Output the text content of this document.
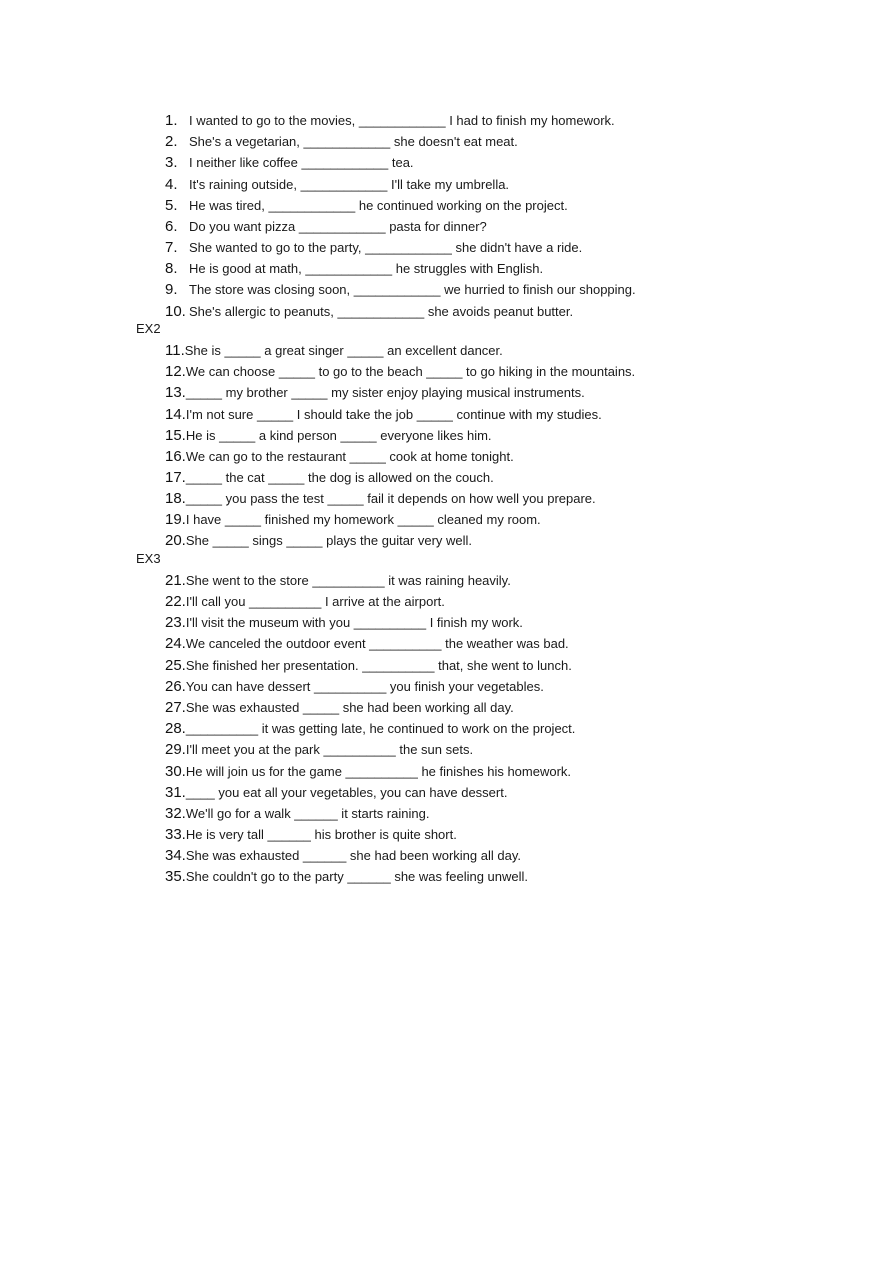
1. I wanted to go to the movies, ____________ I had to finish my homework.
2. She's a vegetarian, ____________ she doesn't eat meat.
3. I neither like coffee ____________ tea.
4. It's raining outside, ____________ I'll take my umbrella.
5. He was tired, ____________ he continued working on the project.
6. Do you want pizza ____________ pasta for dinner?
7. She wanted to go to the party, ____________ she didn't have a ride.
8. He is good at math, ____________ he struggles with English.
9. The store was closing soon, ____________ we hurried to finish our shopping.
10. She's allergic to peanuts, ____________ she avoids peanut butter.
EX2
11. She is _____ a great singer _____ an excellent dancer.
12. We can choose _____ to go to the beach _____ to go hiking in the mountains.
13. _____ my brother _____ my sister enjoy playing musical instruments.
14. I'm not sure _____ I should take the job _____ continue with my studies.
15. He is _____ a kind person _____ everyone likes him.
16. We can go to the restaurant _____ cook at home tonight.
17. _____ the cat _____ the dog is allowed on the couch.
18. _____ you pass the test _____ fail it depends on how well you prepare.
19. I have _____ finished my homework _____ cleaned my room.
20. She _____ sings _____ plays the guitar very well.
EX3
21. She went to the store __________ it was raining heavily.
22. I'll call you __________ I arrive at the airport.
23. I'll visit the museum with you __________ I finish my work.
24. We canceled the outdoor event __________ the weather was bad.
25. She finished her presentation. __________ that, she went to lunch.
26. You can have dessert __________ you finish your vegetables.
27. She was exhausted _____ she had been working all day.
28. __________ it was getting late, he continued to work on the project.
29. I'll meet you at the park __________ the sun sets.
30. He will join us for the game __________ he finishes his homework.
31. ____ you eat all your vegetables, you can have dessert.
32. We'll go for a walk ______ it starts raining.
33. He is very tall ______ his brother is quite short.
34. She was exhausted ______ she had been working all day.
35. She couldn't go to the party ______ she was feeling unwell.
